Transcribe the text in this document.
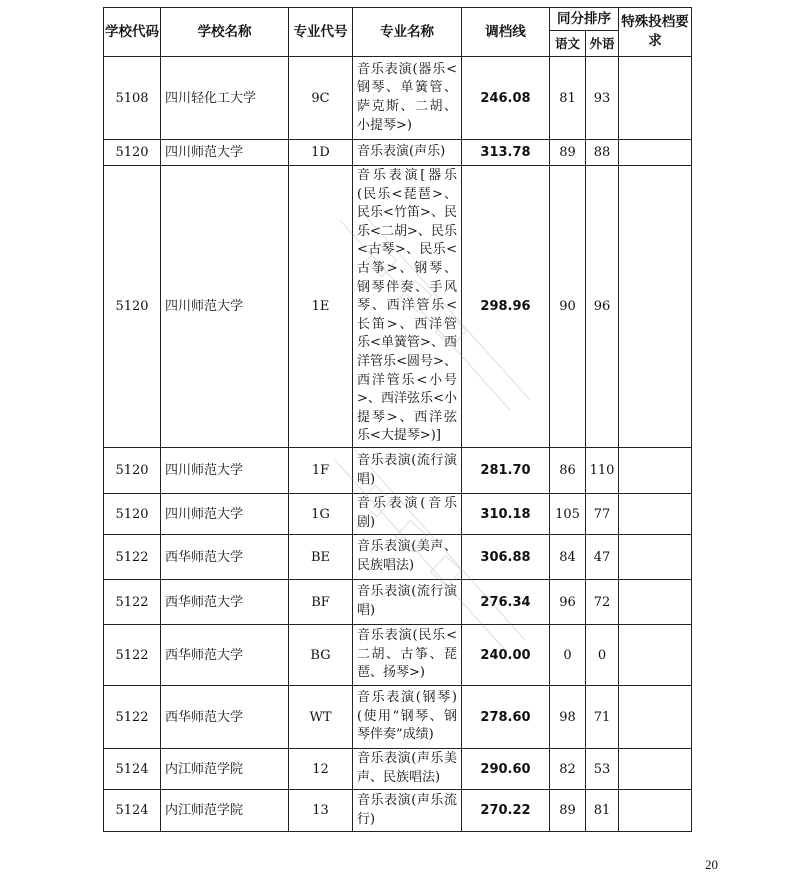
学校代码	学校名称	专业代号	专业名称	调档线	同分排序		特殊投档要求
					语文	外语	
5108	四川轻化工大学	9C	音乐表演(器乐<钢琴、单簧管、萨克斯、二胡、小提琴>)	246.08	81	93	
5120	四川师范大学	1D	音乐表演(声乐)	313.78	89	88	
5120	四川师范大学	1E	音乐表演[器乐(民乐<琵琶>、民乐<竹笛>、民乐<二胡>、民乐<古琴>、民乐<古筝>、钢琴、钢琴伴奏、手风琴、西洋管乐<长笛>、西洋管乐<单簧管>、西洋管乐<圆号>、西洋管乐<小号>、西洋弦乐<小提琴>、西洋弦乐<大提琴>)]	298.96	90	96	
5120	四川师范大学	1F	音乐表演(流行演唱)	281.70	86	110	
5120	四川师范大学	1G	音乐表演(音乐剧)	310.18	105	77	
5122	西华师范大学	BE	音乐表演(美声、民族唱法)	306.88	84	47	
5122	西华师范大学	BF	音乐表演(流行演唱)	276.34	96	72	
5122	西华师范大学	BG	音乐表演(民乐<二胡、古筝、琵琶、扬琴>)	240.00	0	0	
5122	西华师范大学	WT	音乐表演(钢琴)(使用“钢琴、钢琴伴奏”成绩)	278.60	98	71	
5124	内江师范学院	12	音乐表演(声乐美声、民族唱法)	290.60	82	53	
5124	内江师范学院	13	音乐表演(声乐流行)	270.22	89	81	
20
